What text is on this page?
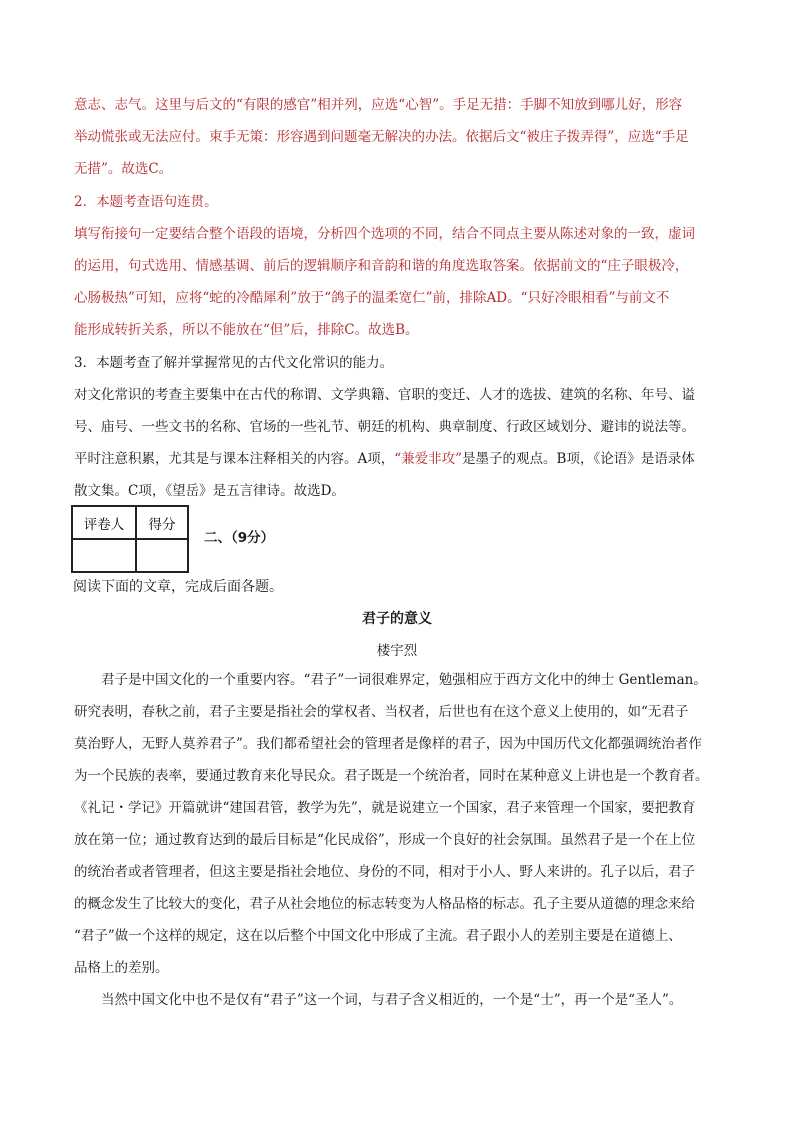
意志、志气。这里与后文的“有限的感官”相并列，应选“心智”。手足无措：手脚不知放到哪儿好，形容

举动慌张或无法应付。束手无策：形容遇到问题毫无解决的办法。依据后文“被庄子拨弄得”，应选“手足

无措”。故选C。

2．本题考查语句连贯。

填写衔接句一定要结合整个语段的语境，分析四个选项的不同，结合不同点主要从陈述对象的一致，虚词

的运用，句式选用、情感基调、前后的逻辑顺序和音韵和谐的角度选取答案。依据前文的“庄子眼极冷，

心肠极热”可知，应将“蛇的冷酷犀利”放于“鸽子的温柔宽仁”前，排除AD。“只好冷眼相看”与前文不

能形成转折关系，所以不能放在“但”后，排除C。故选B。

3．本题考查了解并掌握常见的古代文化常识的能力。

对文化常识的考查主要集中在古代的称谓、文学典籍、官职的变迁、人才的选拔、建筑的名称、年号、谥

号、庙号、一些文书的名称、官场的一些礼节、朝廷的机构、典章制度、行政区域划分、避讳的说法等。

平时注意积累，尤其是与课本注释相关的内容。A项，“兼爱非攻”是墨子的观点。B项，《论语》是语录体

散文集。C项，《望岳》是五言律诗。故选D。

评卷人	得分

二、（9分）
阅读下面的文章，完成后面各题。
君子的意义
楼宇烈

君子是中国文化的一个重要内容。“君子”一词很难界定，勉强相应于西方文化中的绅士 Gentleman。

研究表明，春秋之前，君子主要是指社会的掌权者、当权者，后世也有在这个意义上使用的，如“无君子

莫治野人，无野人莫养君子”。我们都希望社会的管理者是像样的君子，因为中国历代文化都强调统治者作

为一个民族的表率，要通过教育来化导民众。君子既是一个统治者，同时在某种意义上讲也是一个教育者。

《礼记・学记》开篇就讲“建国君管，教学为先”，就是说建立一个国家，君子来管理一个国家，要把教育

放在第一位；通过教育达到的最后目标是“化民成俗”，形成一个良好的社会氛围。虽然君子是一个在上位

的统治者或者管理者，但这主要是指社会地位、身份的不同，相对于小人、野人来讲的。孔子以后，君子

的概念发生了比较大的变化，君子从社会地位的标志转变为人格品格的标志。孔子主要从道德的理念来给

“君子”做一个这样的规定，这在以后整个中国文化中形成了主流。君子跟小人的差别主要是在道德上、

品格上的差别。

当然中国文化中也不是仅有“君子”这一个词，与君子含义相近的，一个是“士”，再一个是“圣人”。
